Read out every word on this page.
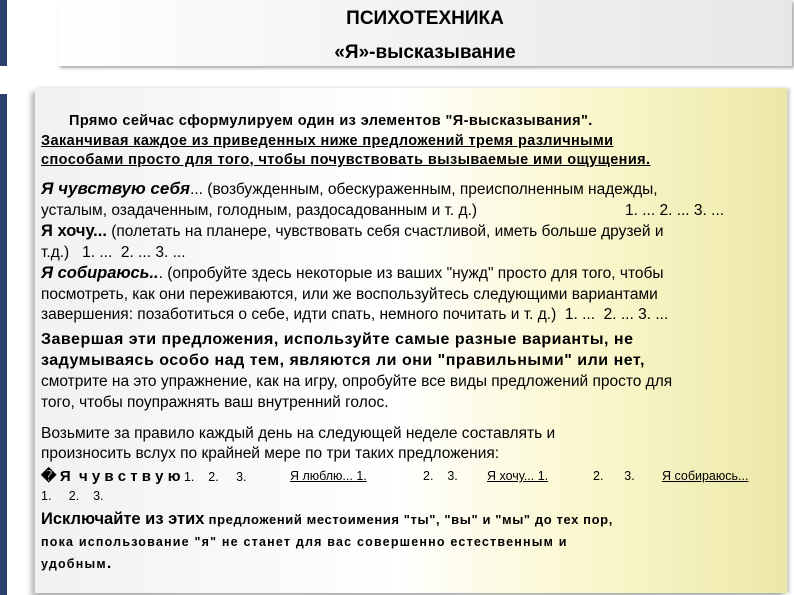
ПСИХОТЕХНИКА
«Я»-высказывание
Прямо сейчас сформулируем один из элементов "Я-высказывания".
Заканчивая каждое из приведенных ниже предложений тремя различными
способами просто для того, чтобы почувствовать вызываемые ими ощущения.
Я чувствую себя... (возбужденным, обескураженным, преисполненным надежды,
усталым, озадаченным, голодным, раздосадованным и т. д.)	1. ... 2. ... 3. ...
Я хочу... (полетать на планере, чувствовать себя счастливой, иметь больше друзей и
т.д.)   1. ...  2. ... 3. ...
Я собираюсь... (опробуйте здесь некоторые из ваших "нужд" просто для того, чтобы
посмотреть, как они переживаются, или же воспользуйтесь следующими вариантами
завершения: позаботиться о себе, идти спать, немного почитать и т. д.)  1. ...  2. ... 3. ...
Завершая эти предложения, используйте самые разные варианты, не
задумываясь особо над тем, являются ли они "правильными" или нет,
смотрите на это упражнение, как на игру, опробуйте все виды предложений просто для
того, чтобы поупражнять ваш внутренний голос.
Возьмите за правило каждый день на следующей неделе составлять и
произносить вслух по крайней мере по три таких предложения:
� Я  ч у в с т в у ю 1.    2.     3.	Я люблю... 1.	2.    3. Я хочу... 1.	2.      3. Я собираюсь...
1.     2.    3.
Исключайте из этих предложений местоимения "ты", "вы" и "мы" до тех пор,
пока использование "я" не станет для вас совершенно естественным и
удобным.
